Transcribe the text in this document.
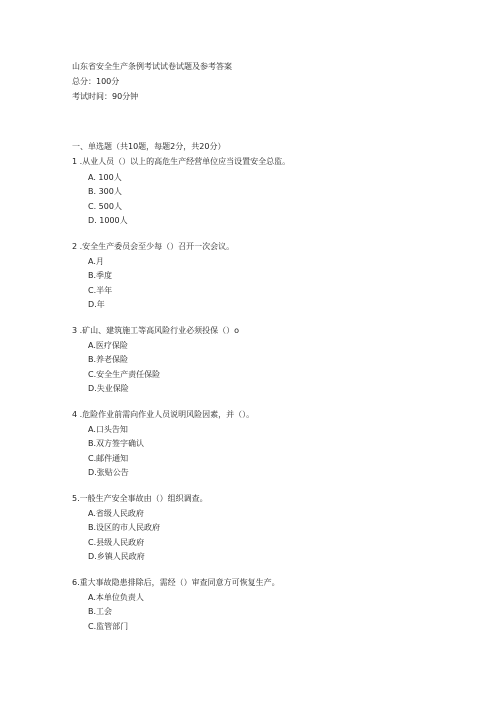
山东省安全生产条例考试试卷试题及参考答案
总分：100分
考试时间：90分钟
一、单选题（共10题，每题2分，共20分）
1 .从业人员（）以上的高危生产经营单位应当设置安全总监。
A. 100人
B. 300人
C. 500人
D. 1000人
2 .安全生产委员会至少每（）召开一次会议。
A.月
B.季度
C.半年
D.年
3 .矿山、建筑施工等高风险行业必须投保（）o
A.医疗保险
B.养老保险
C.安全生产责任保险
D.失业保险
4 .危险作业前需向作业人员说明风险因素，并（）。
A.口头告知
B.双方签字确认
C.邮件通知
D.张贴公告
5.一般生产安全事故由（）组织调查。
A.省级人民政府
B.设区的市人民政府
C.县级人民政府
D.乡镇人民政府
6.重大事故隐患排除后，需经（）审查同意方可恢复生产。
A.本单位负责人
B.工会
C.监管部门
